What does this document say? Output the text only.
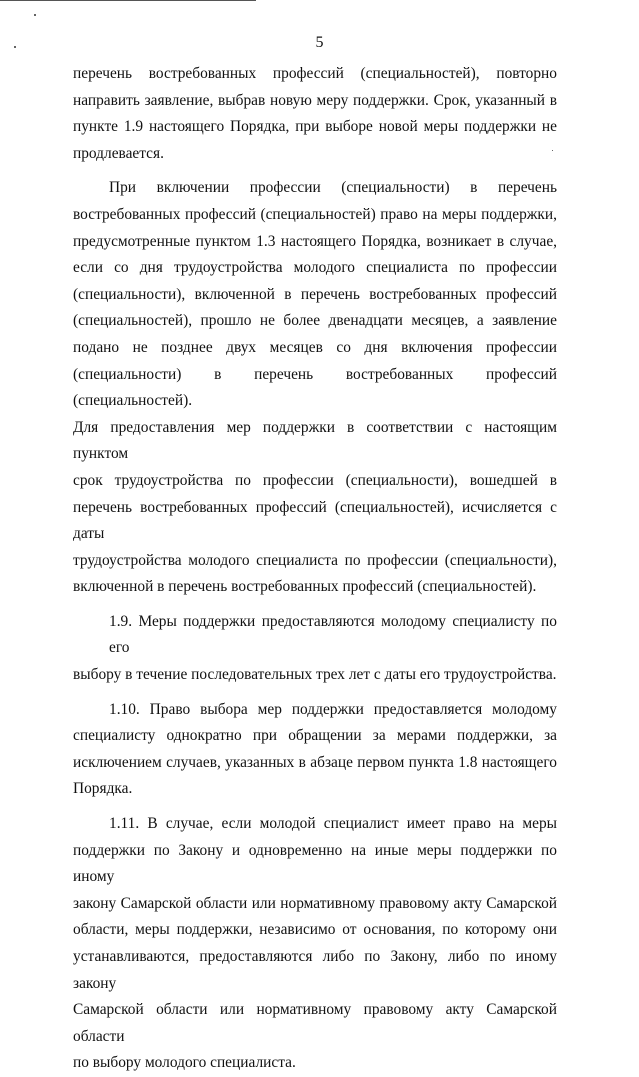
5

перечень востребованных профессий (специальностей), повторно
направить заявление, выбрав новую меру поддержки. Срок, указанный в
пункте 1.9 настоящего Порядка, при выборе новой меры поддержки не
продлевается.

При включении профессии (специальности) в перечень
востребованных профессий (специальностей) право на меры поддержки,
предусмотренные пунктом 1.3 настоящего Порядка, возникает в случае,
если со дня трудоустройства молодого специалиста по профессии
(специальности), включенной в перечень востребованных профессий
(специальностей), прошло не более двенадцати месяцев, а заявление
подано не позднее двух месяцев со дня включения профессии
(специальности) в перечень востребованных профессий (специальностей).
Для предоставления мер поддержки в соответствии с настоящим пунктом
срок трудоустройства по профессии (специальности), вошедшей в
перечень востребованных профессий (специальностей), исчисляется с даты
трудоустройства молодого специалиста по профессии (специальности),
включенной в перечень востребованных профессий (специальностей).

1.9. Меры поддержки предоставляются молодому специалисту по его
выбору в течение последовательных трех лет с даты его трудоустройства.

1.10. Право выбора мер поддержки предоставляется молодому
специалисту однократно при обращении за мерами поддержки, за
исключением случаев, указанных в абзаце первом пункта 1.8 настоящего
Порядка.

1.11. В случае, если молодой специалист имеет право на меры
поддержки по Закону и одновременно на иные меры поддержки по иному
закону Самарской области или нормативному правовому акту Самарской
области, меры поддержки, независимо от основания, по которому они
устанавливаются, предоставляются либо по Закону, либо по иному закону
Самарской области или нормативному правовому акту Самарской области
по выбору молодого специалиста.
